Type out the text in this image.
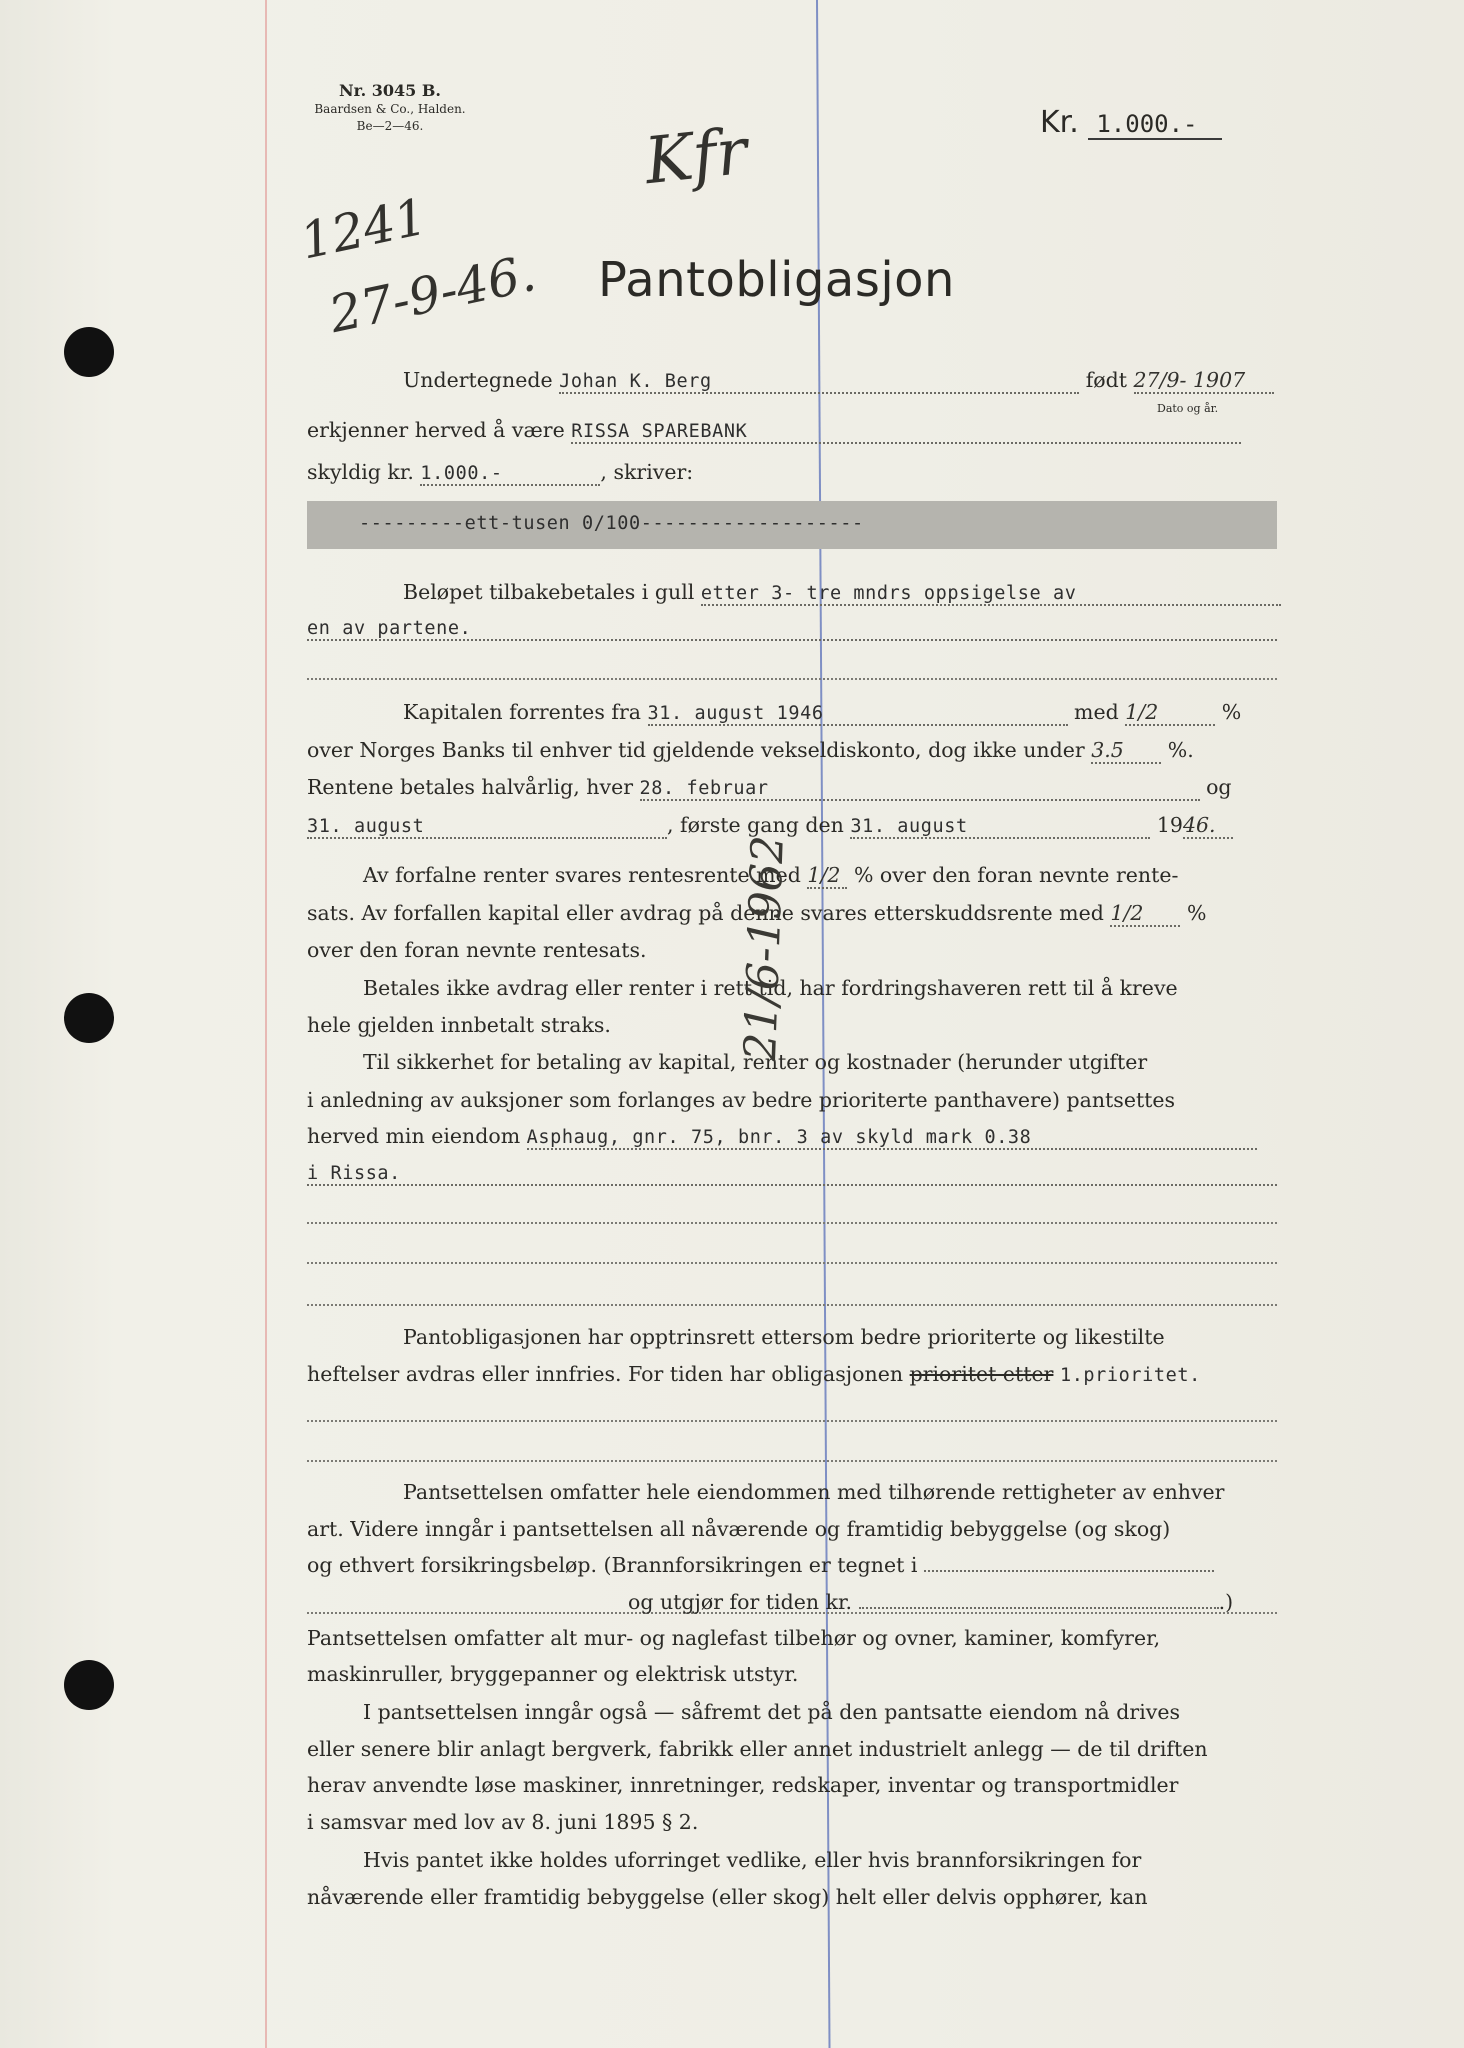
Nr. 3045 B.
Baardsen & Co., Halden.
Be—2—46.
1241
27-9-46.
Kfr	Kr. 1.000.-
Pantobligasjon
Undertegnede Johan K. Berg	født 27/9- 1907
Dato og år.
erkjenner herved å være RISSA SPAREBANK
skyldig kr. 1.000.-	, skriver:
---------ett-tusen 0/100-------------------
Beløpet tilbakebetales i gull etter 3- tre mndrs oppsigelse av
en av partene.
Kapitalen forrentes fra 31. august 1946	med 1/2	%
over Norges Banks til enhver tid gjeldende vekseldiskonto, dog ikke under 3.5 %.
Rentene betales halvårlig, hver 28. februar	og
31. august	, første gang den 31. august	1946.
Av forfalne renter svares rentesrente med 1/2 % over den foran nevnte rente-
sats. Av forfallen kapital eller avdrag på denne svares etterskuddsrente med 1/2 %
over den foran nevnte rentesats.
Betales ikke avdrag eller renter i rett tid, har fordringshaveren rett til å kreve
hele gjelden innbetalt straks.
Til sikkerhet for betaling av kapital, renter og kostnader (herunder utgifter
i anledning av auksjoner som forlanges av bedre prioriterte panthavere) pantsettes
herved min eiendom Asphaug, gnr. 75, bnr. 3 av skyld mark 0.38
i Rissa.
Pantobligasjonen har opptrinsrett ettersom bedre prioriterte og likestilte
heftelser avdras eller innfries. For tiden har obligasjonen prioritet etter 1.prioritet.
Pantsettelsen omfatter hele eiendommen med tilhørende rettigheter av enhver
art. Videre inngår i pantsettelsen all nåværende og framtidig bebyggelse (og skog)
og ethvert forsikringsbeløp. (Brannforsikringen er tegnet i
og utgjør for tiden kr.	.)
Pantsettelsen omfatter alt mur- og naglefast tilbehør og ovner, kaminer, komfyrer,
maskinruller, bryggepanner og elektrisk utstyr.
I pantsettelsen inngår også — såfremt det på den pantsatte eiendom nå drives
eller senere blir anlagt bergverk, fabrikk eller annet industrielt anlegg — de til driften
herav anvendte løse maskiner, innretninger, redskaper, inventar og transportmidler
i samsvar med lov av 8. juni 1895 § 2.
Hvis pantet ikke holdes uforringet vedlike, eller hvis brannforsikringen for
nåværende eller framtidig bebyggelse (eller skog) helt eller delvis opphører, kan
21/6-1962
